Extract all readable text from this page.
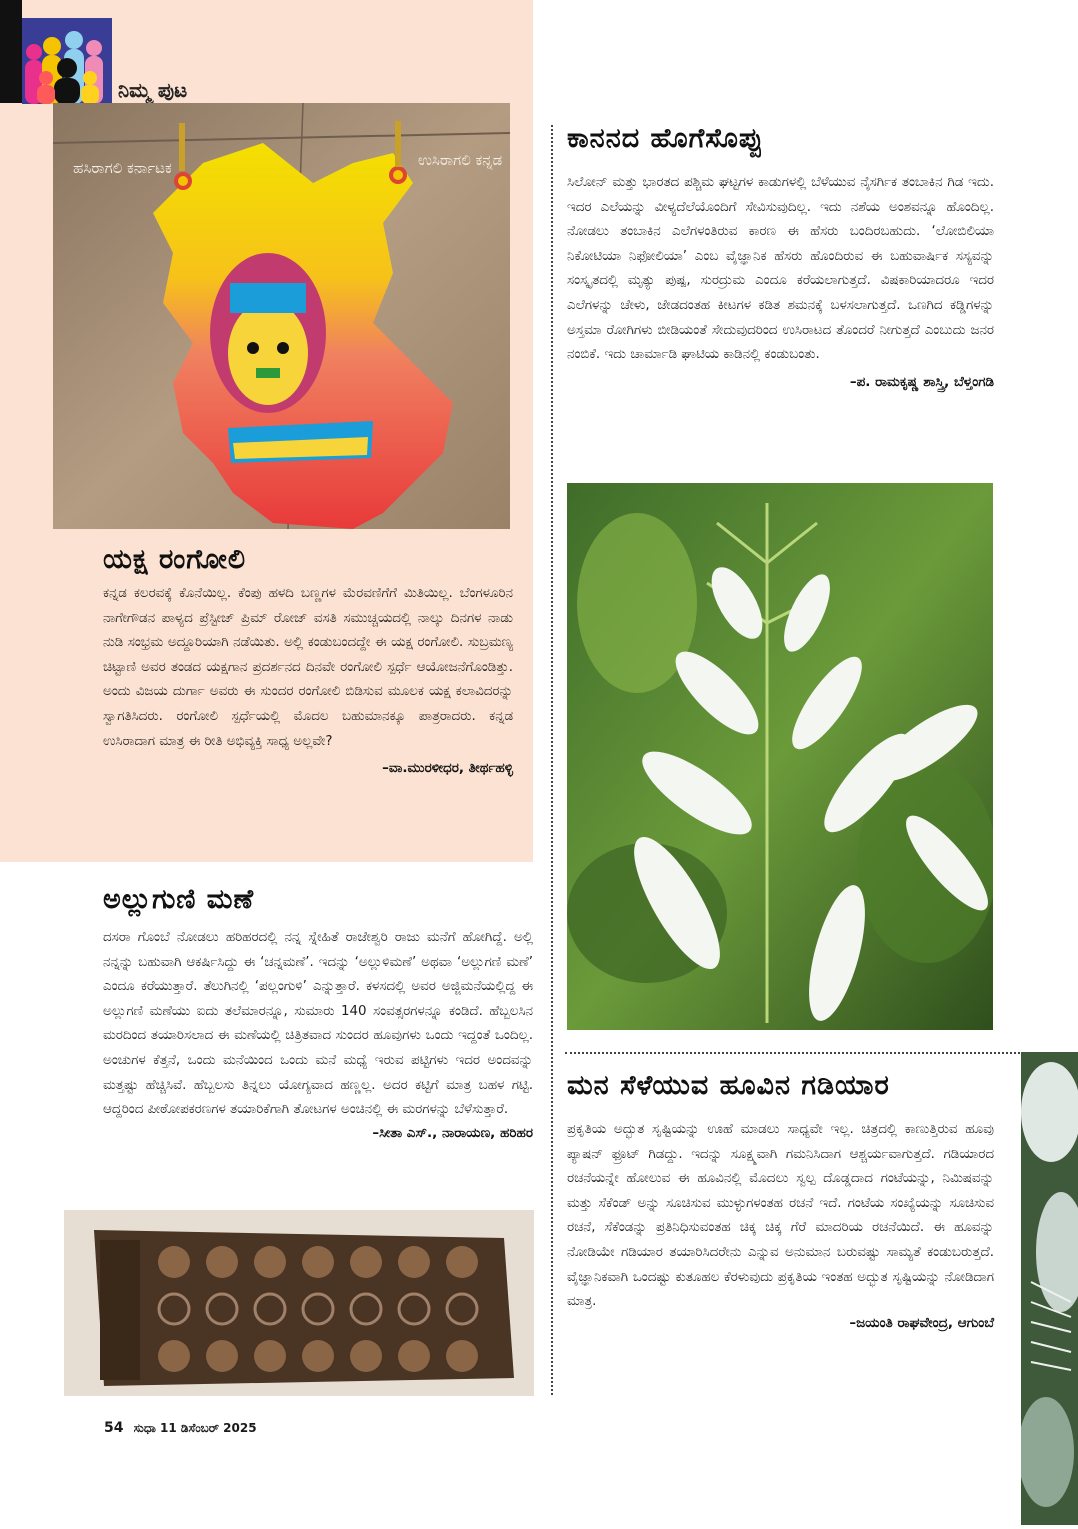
ನಿಮ್ಮ ಪುಟ
ಹಸಿರಾಗಲಿ ಕರ್ನಾಟಕ	ಉಸಿರಾಗಲಿ ಕನ್ನಡ
ಯಕ್ಷ ರಂಗೋಲಿ

ಕನ್ನಡ ಕಲರವಕ್ಕೆ ಕೊನೆಯಿಲ್ಲ. ಕೆಂಪು ಹಳದಿ ಬಣ್ಣಗಳ ಮೆರವಣಿಗೆಗೆ ಮಿತಿಯಿಲ್ಲ. ಬೆಂಗಳೂರಿನ ನಾಗೇಗೌಡನ ಪಾಳ್ಯದ ಪ್ರೆಸ್ಟೀಜ್ ಪ್ರಿಮ್ ರೋಜ್ ವಸತಿ ಸಮುಚ್ಚಯದಲ್ಲಿ ನಾಲ್ಕು ದಿನಗಳ ನಾಡು ನುಡಿ ಸಂಭ್ರಮ ಅದ್ದೂರಿಯಾಗಿ ನಡೆಯಿತು. ಅಲ್ಲಿ ಕಂಡುಬಂದದ್ದೇ ಈ ಯಕ್ಷ ರಂಗೋಲಿ. ಸುಬ್ರಮಣ್ಯ ಚಿಟ್ಟಾಣಿ ಅವರ ತಂಡದ ಯಕ್ಷಗಾನ ಪ್ರದರ್ಶನದ ದಿನವೇ ರಂಗೋಲಿ ಸ್ಪರ್ಧೆ ಆಯೋಜನೆಗೊಂಡಿತ್ತು. ಅಂದು ವಿಜಯ ದುರ್ಗಾ ಅವರು ಈ ಸುಂದರ ರಂಗೋಲಿ ಬಿಡಿಸುವ ಮೂಲಕ ಯಕ್ಷ ಕಲಾವಿದರನ್ನು ಸ್ವಾಗತಿಸಿದರು. ರಂಗೋಲಿ ಸ್ಪರ್ಧೆಯಲ್ಲಿ ಮೊದಲ ಬಹುಮಾನಕ್ಕೂ ಪಾತ್ರರಾದರು. ಕನ್ನಡ ಉಸಿರಾದಾಗ ಮಾತ್ರ ಈ ರೀತಿ ಅಭಿವ್ಯಕ್ತಿ ಸಾಧ್ಯ ಅಲ್ಲವೇ?

–ವಾ.ಮುರಳೀಧರ, ತೀರ್ಥಹಳ್ಳಿ
ಅಲ್ಲುಗುಣಿ ಮಣೆ

ದಸರಾ ಗೊಂಬೆ ನೋಡಲು ಹರಿಹರದಲ್ಲಿ ನನ್ನ ಸ್ನೇಹಿತೆ ರಾಜೇಶ್ವರಿ ರಾಜು ಮನೆಗೆ ಹೋಗಿದ್ದೆ. ಅಲ್ಲಿ ನನ್ನನ್ನು ಬಹುವಾಗಿ ಆಕರ್ಷಿಸಿದ್ದು ಈ ‘ಚನ್ನಮಣೆ’. ಇದನ್ನು ‘ಅಲ್ಲುಳಿಮಣೆ’ ಅಥವಾ ‘ಅಲ್ಲುಗಣಿ ಮಣೆ’ ಎಂದೂ ಕರೆಯುತ್ತಾರೆ. ತೆಲುಗಿನಲ್ಲಿ ‘ಪಲ್ಲಂಗುಳಿ’ ಎನ್ನುತ್ತಾರೆ. ಕಳಸದಲ್ಲಿ ಅವರ ಅಜ್ಜಿಮನೆಯಲ್ಲಿದ್ದ ಈ ಅಲ್ಲುಗಣಿ ಮಣೆಯು ಐದು ತಲೆಮಾರನ್ನೂ, ಸುಮಾರು 140 ಸಂವತ್ಸರಗಳನ್ನೂ ಕಂಡಿದೆ. ಹೆಬ್ಬಲಸಿನ ಮರದಿಂದ ತಯಾರಿಸಲಾದ ಈ ಮಣೆಯಲ್ಲಿ ಚಿತ್ರಿತವಾದ ಸುಂದರ ಹೂವುಗಳು ಒಂದು ಇದ್ದಂತೆ ಒಂದಿಲ್ಲ. ಅಂಚುಗಳ ಕೆತ್ತನೆ, ಒಂದು ಮನೆಯಿಂದ ಒಂದು ಮನೆ ಮಧ್ಯೆ ಇರುವ ಪಟ್ಟಿಗಳು ಇದರ ಅಂದವನ್ನು ಮತ್ತಷ್ಟು ಹೆಚ್ಚಿಸಿವೆ. ಹೆಬ್ಬಲಸು ತಿನ್ನಲು ಯೋಗ್ಯವಾದ ಹಣ್ಣಲ್ಲ. ಅದರ ಕಟ್ಟಿಗೆ ಮಾತ್ರ ಬಹಳ ಗಟ್ಟಿ. ಆದ್ದರಿಂದ ಪೀಠೋಪಕರಣಗಳ ತಯಾರಿಕೆಗಾಗಿ ತೋಟಗಳ ಅಂಚಿನಲ್ಲಿ ಈ ಮರಗಳನ್ನು ಬೆಳೆಸುತ್ತಾರೆ.

–ಸೀತಾ ಎಸ್., ನಾರಾಯಣ, ಹರಿಹರ
ಕಾನನದ ಹೊಗೆಸೊಪ್ಪು

ಸಿಲೋನ್ ಮತ್ತು ಭಾರತದ ಪಶ್ಚಿಮ ಘಟ್ಟಗಳ ಕಾಡುಗಳಲ್ಲಿ ಬೆಳೆಯುವ ನೈಸರ್ಗಿಕ ತಂಬಾಕಿನ ಗಿಡ ಇದು. ಇದರ ಎಲೆಯನ್ನು ವೀಳ್ಯದೆಲೆಯೊಂದಿಗೆ ಸೇವಿಸುವುದಿಲ್ಲ. ಇದು ನಶೆಯ ಅಂಶವನ್ನೂ ಹೊಂದಿಲ್ಲ. ನೋಡಲು ತಂಬಾಕಿನ ಎಲೆಗಳಂತಿರುವ ಕಾರಣ ಈ ಹೆಸರು ಬಂದಿರಬಹುದು. ‘ಲೋಬಿಲಿಯಾ ನಿಕೋಟಿಯಾ ನಿಫೋಲಿಯಾ’ ಎಂಬ ವೈಜ್ಞಾನಿಕ ಹೆಸರು ಹೊಂದಿರುವ ಈ ಬಹುವಾರ್ಷಿಕ ಸಸ್ಯವನ್ನು ಸಂಸ್ಕೃತದಲ್ಲಿ ಮೃತ್ಯು ಪುಷ್ಪ, ಸುರದ್ರುಮ ಎಂದೂ ಕರೆಯಲಾಗುತ್ತದೆ. ವಿಷಕಾರಿಯಾದರೂ ಇದರ ಎಲೆಗಳನ್ನು ಚೇಳು, ಜೇಡದಂತಹ ಕೀಟಗಳ ಕಡಿತ ಶಮನಕ್ಕೆ ಬಳಸಲಾಗುತ್ತದೆ. ಒಣಗಿದ ಕಡ್ಡಿಗಳನ್ನು ಅಸ್ತಮಾ ರೋಗಿಗಳು ಬೀಡಿಯಂತೆ ಸೇದುವುದರಿಂದ ಉಸಿರಾಟದ ತೊಂದರೆ ನೀಗುತ್ತದೆ ಎಂಬುದು ಜನರ ನಂಬಿಕೆ. ಇದು ಚಾರ್ಮಾಡಿ ಘಾಟಿಯ ಕಾಡಿನಲ್ಲಿ ಕಂಡುಬಂತು.

–ಪ. ರಾಮಕೃಷ್ಣ ಶಾಸ್ತ್ರಿ, ಬೆಳ್ತಂಗಡಿ
ಮನ ಸೆಳೆಯುವ ಹೂವಿನ ಗಡಿಯಾರ

ಪ್ರಕೃತಿಯ ಅದ್ಭುತ ಸೃಷ್ಟಿಯನ್ನು ಊಹೆ ಮಾಡಲು ಸಾಧ್ಯವೇ ಇಲ್ಲ. ಚಿತ್ರದಲ್ಲಿ ಕಾಣುತ್ತಿರುವ ಹೂವು ಪ್ಯಾಷನ್ ಫ್ರೂಟ್ ಗಿಡದ್ದು. ಇದನ್ನು ಸೂಕ್ಷ್ಮವಾಗಿ ಗಮನಿಸಿದಾಗ ಆಶ್ಚರ್ಯವಾಗುತ್ತದೆ. ಗಡಿಯಾರದ ರಚನೆಯನ್ನೇ ಹೋಲುವ ಈ ಹೂವಿನಲ್ಲಿ ಮೊದಲು ಸ್ವಲ್ಪ ದೊಡ್ಡದಾದ ಗಂಟೆಯನ್ನು, ನಿಮಿಷವನ್ನು ಮತ್ತು ಸೆಕೆಂಡ್ ಅನ್ನು ಸೂಚಿಸುವ ಮುಳ್ಳುಗಳಂತಹ ರಚನೆ ಇದೆ. ಗಂಟೆಯ ಸಂಖ್ಯೆಯನ್ನು ಸೂಚಿಸುವ ರಚನೆ, ಸೆಕೆಂಡನ್ನು ಪ್ರತಿನಿಧಿಸುವಂತಹ ಚಿಕ್ಕ ಚಿಕ್ಕ ಗೆರೆ ಮಾದರಿಯ ರಚನೆಯಿದೆ. ಈ ಹೂವನ್ನು ನೋಡಿಯೇ ಗಡಿಯಾರ ತಯಾರಿಸಿದರೇನು ಎನ್ನುವ ಅನುಮಾನ ಬರುವಷ್ಟು ಸಾಮ್ಯತೆ ಕಂಡುಬರುತ್ತದೆ. ವೈಜ್ಞಾನಿಕವಾಗಿ ಒಂದಷ್ಟು ಕುತೂಹಲ ಕೆರಳುವುದು ಪ್ರಕೃತಿಯ ಇಂತಹ ಅದ್ಭುತ ಸೃಷ್ಟಿಯನ್ನು ನೋಡಿದಾಗ ಮಾತ್ರ.

–ಜಯಂತಿ ರಾಘವೇಂದ್ರ, ಆಗುಂಬೆ
54 ಸುಧಾ 11 ಡಿಸೆಂಬರ್ 2025
